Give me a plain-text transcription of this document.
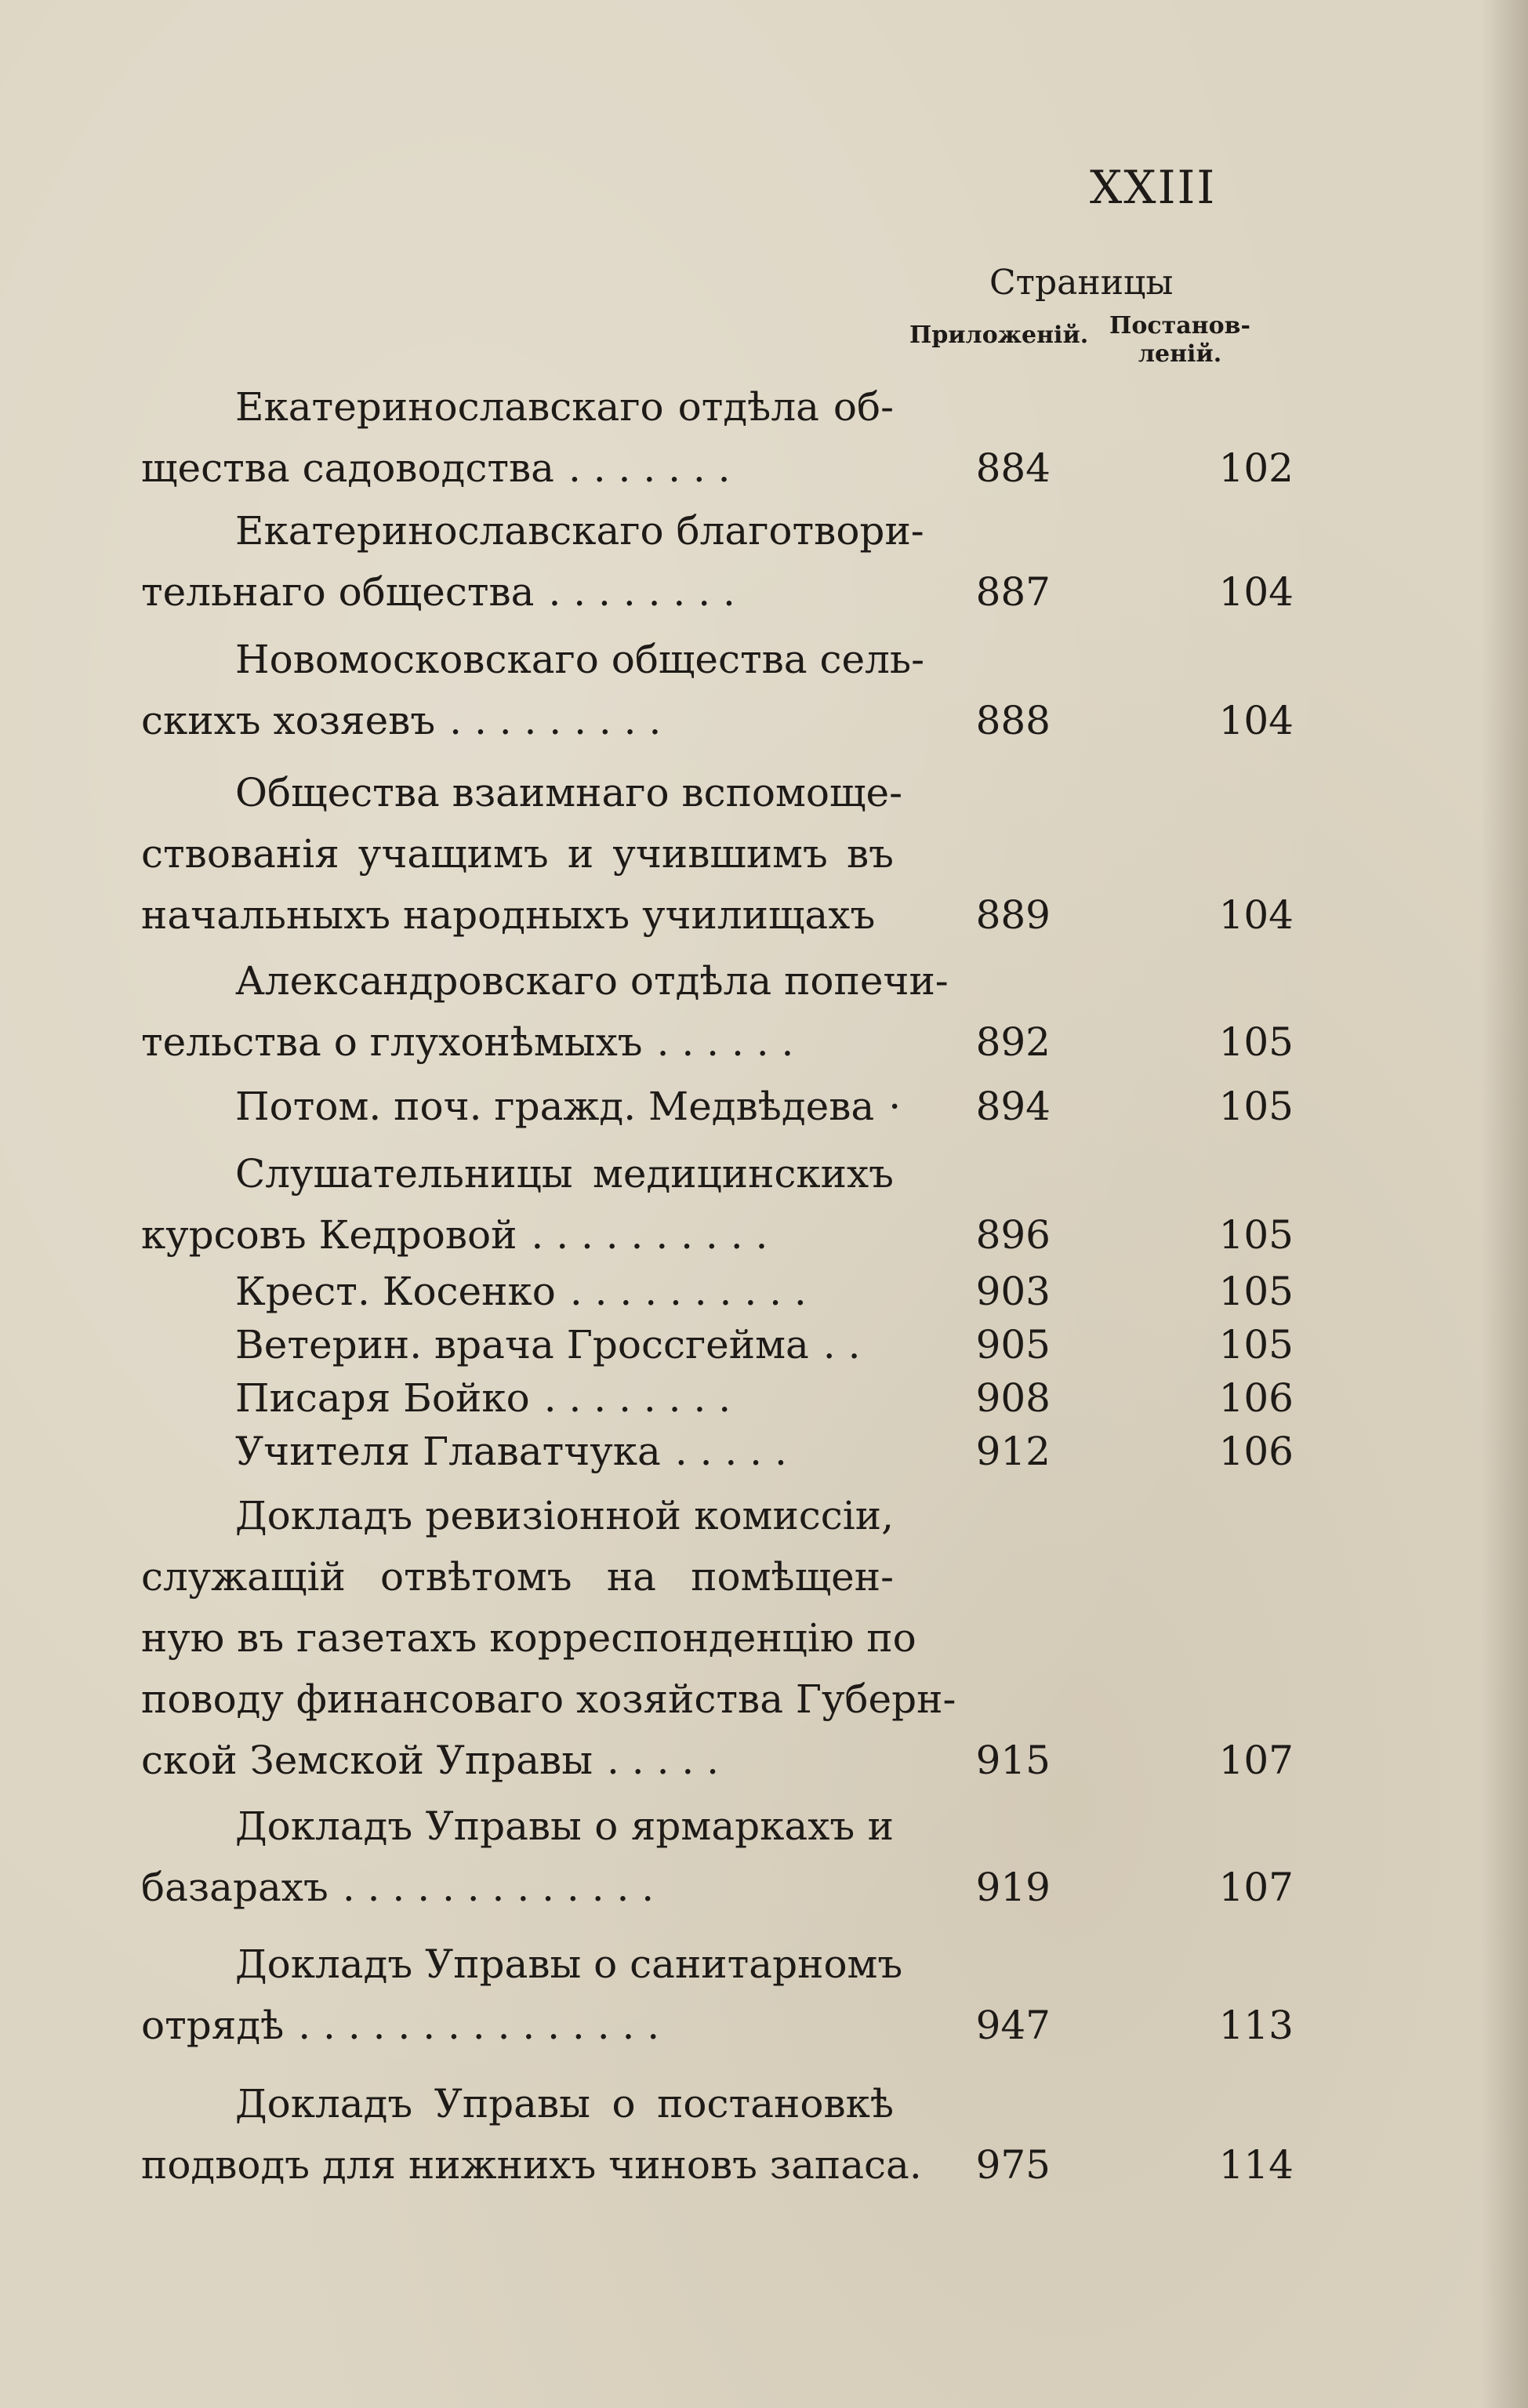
XXIII
Страницы
Приложеній. Постанов-
леній.
Екатеринославскаго отдѣла об-
щества садоводства . . . . . . .	884	102
Екатеринославскаго благотвори-
тельнаго общества . . . . . . . .	887	104
Новомосковскаго общества сель-
скихъ хозяевъ . . . . . . . . .	888	104
Общества взаимнаго вспомоще-
ствованія учащимъ и учившимъ въ
начальныхъ народныхъ училищахъ	889	104
Александровскаго отдѣла попечи-
тельства о глухонѣмыхъ . . . . . .	892	105
Потом. поч. гражд. Медвѣдева ·	894	105
Слушательницы медицинскихъ
курсовъ Кедровой . . . . . . . . . .	896	105
Крест. Косенко . . . . . . . . . .	903	105
Ветерин. врача Гроссгейма . .	905	105
Писаря Бойко . . . . . . . .	908	106
Учителя Главатчука . . . . .	912	106
Докладъ ревизіонной комиссіи,
служащій отвѣтомъ на помѣщен-
ную въ газетахъ корреспонденцію по
поводу финансоваго хозяйства Губерн-
ской Земской Управы . . . . .	915	107
Докладъ Управы о ярмаркахъ и
базарахъ . . . . . . . . . . . . .	919	107
Докладъ Управы о санитарномъ
отрядѣ . . . . . . . . . . . . . . .	947	113
Докладъ Управы о постановкѣ
подводъ для нижнихъ чиновъ запаса.	975	114
